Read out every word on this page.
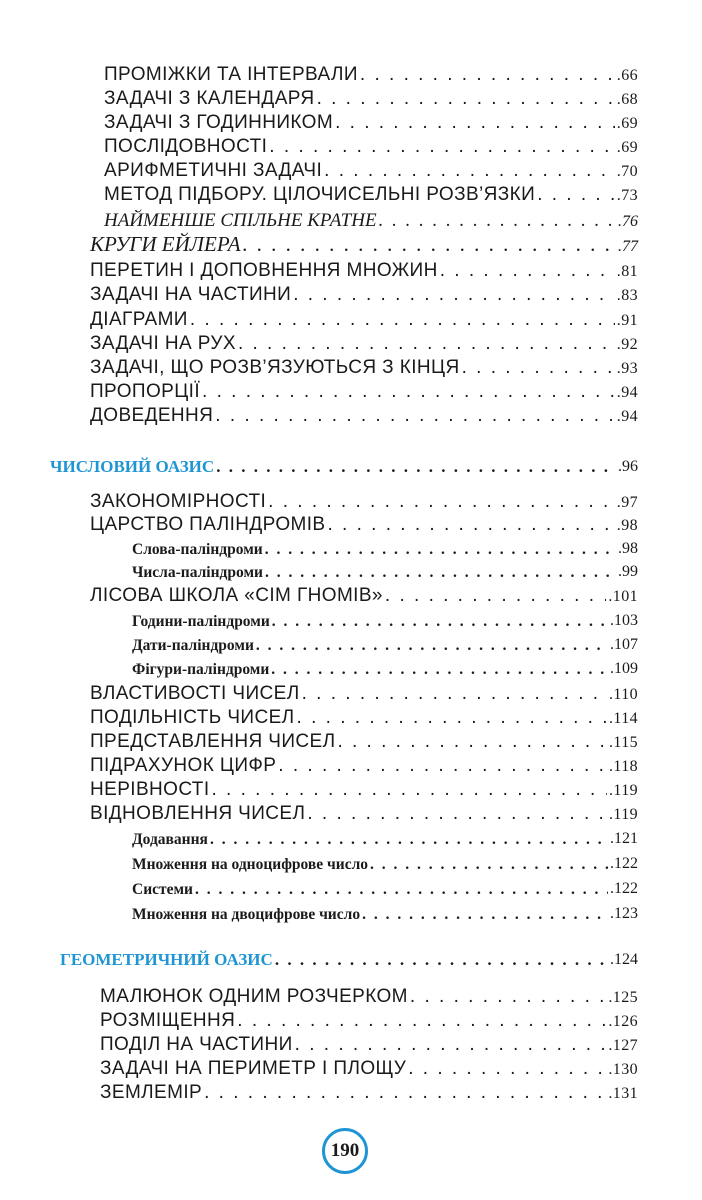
ПРОМІЖКИ ТА ІНТЕРВАЛИ . . .	.66
ЗАДАЧІ З КАЛЕНДАРЯ . . .	.68
ЗАДАЧІ З ГОДИННИКОМ . . .	.69
ПОСЛІДОВНОСТІ . . .	.69
АРИФМЕТИЧНІ ЗАДАЧІ . . .	.70
МЕТОД ПІДБОРУ. ЦІЛОЧИСЕЛЬНІ РОЗВ’ЯЗКИ . . .	.73
НАЙМЕНШЕ СПІЛЬНЕ КРАТНЕ . . .	.76
КРУГИ ЕЙЛЕРА . . .	.77
ПЕРЕТИН І ДОПОВНЕННЯ МНОЖИН . . .	.81
ЗАДАЧІ НА ЧАСТИНИ . . .	.83
ДІАГРАМИ . . .	.91
ЗАДАЧІ НА РУХ . . .	.92
ЗАДАЧІ, ЩО РОЗВ’ЯЗУЮТЬСЯ З КІНЦЯ . . .	.93
ПРОПОРЦІЇ . . .	.94
ДОВЕДЕННЯ . . .	.94
ЧИСЛОВИЙ ОАЗИС . . .	.96
ЗАКОНОМІРНОСТІ . . .	.97
ЦАРСТВО ПАЛІНДРОМІВ . . .	.98
Слова-паліндроми . . .	.98
Числа-паліндроми . . .	.99
ЛІСОВА ШКОЛА «СІМ ГНОМІВ» . . .	.101
Години-паліндроми . . .	.103
Дати-паліндроми . . .	.107
Фігури-паліндроми . . .	.109
ВЛАСТИВОСТІ ЧИСЕЛ . . .	.110
ПОДІЛЬНІСТЬ ЧИСЕЛ . . .	.114
ПРЕДСТАВЛЕННЯ ЧИСЕЛ . . .	.115
ПІДРАХУНОК ЦИФР . . .	.118
НЕРІВНОСТІ . . .	.119
ВІДНОВЛЕННЯ ЧИСЕЛ . . .	.119
Додавання . . .	.121
Множення на одноцифрове число . . .	.122
Системи . . .	.122
Множення на двоцифрове число . . .	.123
ГЕОМЕТРИЧНИЙ ОАЗИС . . .	.124
МАЛЮНОК ОДНИМ РОЗЧЕРКОМ . . .	.125
РОЗМІЩЕННЯ . . .	.126
ПОДІЛ НА ЧАСТИНИ . . .	.127
ЗАДАЧІ НА ПЕРИМЕТР І ПЛОЩУ . . .	.130
ЗЕМЛЕМІР . . .	.131
190
